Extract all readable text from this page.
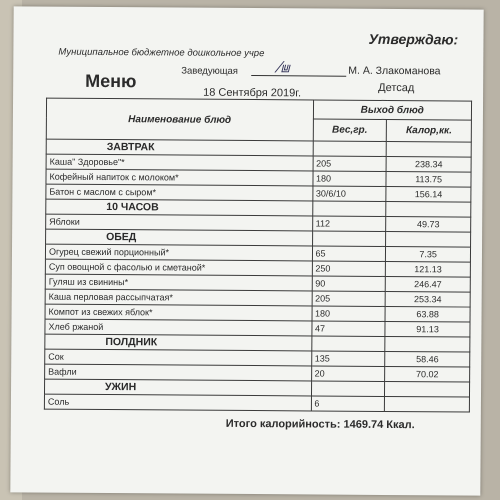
Утверждаю:
Муниципальное бюджетное дошкольное учре
Заведующая	⁄⩏	М. А. Злакоманова
Меню
18 Сентября 2019г.	Детсад
Наименование блюд	Выход блюд	
	Вес,гр.	Калор,кк.
ЗАВТРАК		
Каша" Здоровье"*	205	238.34
Кофейный напиток с молоком*	180	113.75
Батон с маслом с сыром*	30/6/10	156.14
10 ЧАСОВ		
Яблоки	112	49.73
ОБЕД		
Огурец свежий порционный*	65	7.35
Суп овощной с фасолью и сметаной*	250	121.13
Гуляш из свинины*	90	246.47
Каша перловая рассыпчатая*	205	253.34
Компот из свежих яблок*	180	63.88
Хлеб ржаной	47	91.13
ПОЛДНИК		
Сок	135	58.46
Вафли	20	70.02
УЖИН		
Соль	6	
Итого калорийность: 1469.74 Ккал.
